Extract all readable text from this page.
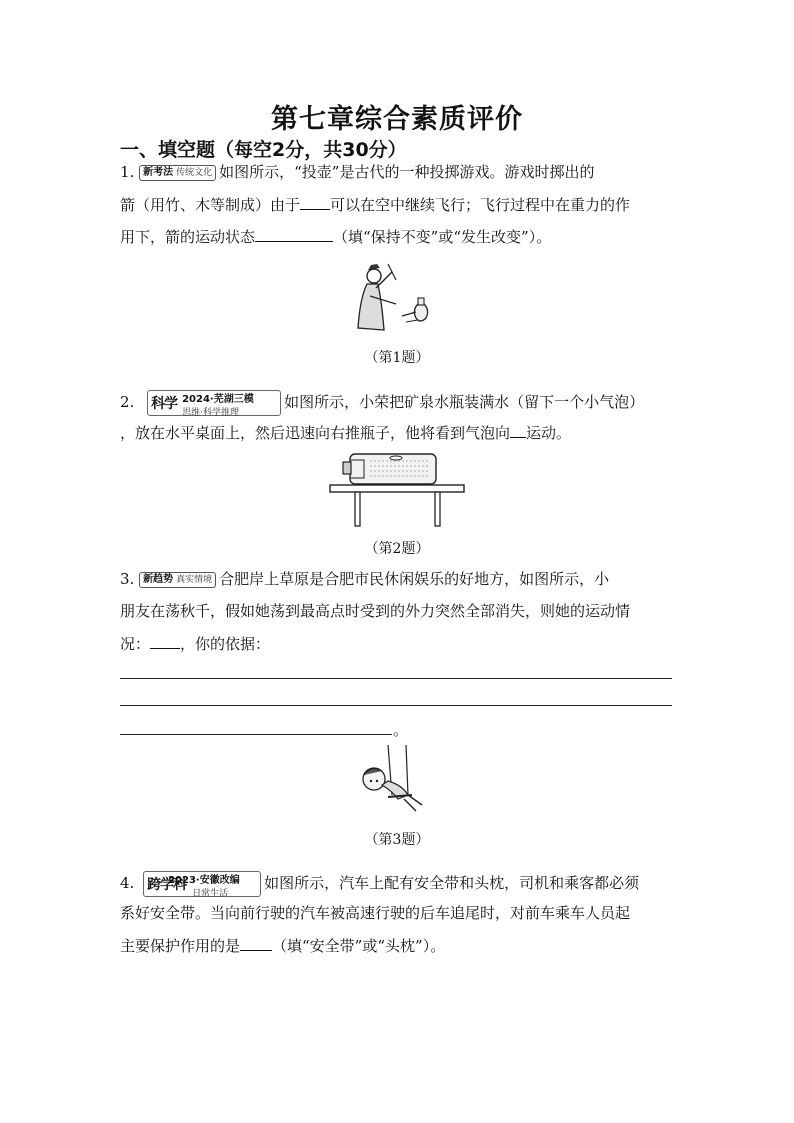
第七章综合素质评价
一、填空题（每空2分，共30分）
1. 新考法 传统文化 如图所示，“投壶”是古代的一种投掷游戏。游戏时掷出的
箭（用竹、木等制成）由于 可以在空中继续飞行；飞行过程中在重力的作
用下，箭的运动状态	（填“保持不变”或“发生改变”）。
（第1题）
2. 科学 2024·芜湖三模
思维·科学推理
如图所示，小荣把矿泉水瓶装满水（留下一个小气泡）
，放在水平桌面上，然后迅速向右推瓶子，他将看到气泡向 运动。
（第2题）
3. 新趋势 真实情境 合肥岸上草原是合肥市民休闲娱乐的好地方，如图所示，小
朋友在荡秋千，假如她荡到最高点时受到的外力突然全部消失，则她的运动情
况： ，你的依据：
。
（第3题）
4. 跨学科
2023·安徽改编
日常生活
如图所示，汽车上配有安全带和头枕，司机和乘客都必须
系好安全带。当向前行驶的汽车被高速行驶的后车追尾时，对前车乘车人员起
主要保护作用的是 （填“安全带”或“头枕”）。
